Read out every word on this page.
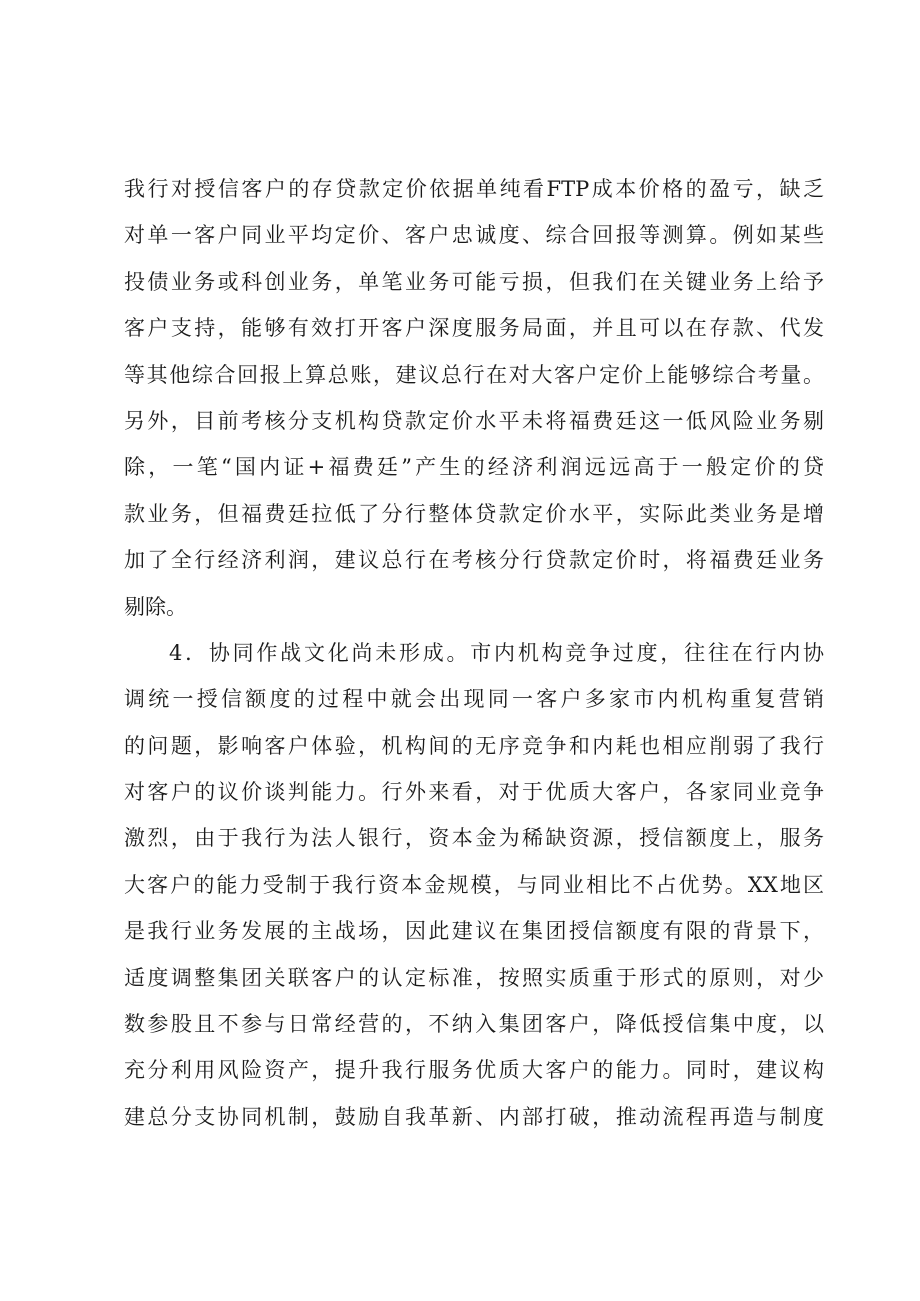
我行对授信客户的存贷款定价依据单纯看FTP成本价格的盈亏，缺乏
对单一客户同业平均定价、客户忠诚度、综合回报等测算。例如某些
投债业务或科创业务，单笔业务可能亏损，但我们在关键业务上给予
客户支持，能够有效打开客户深度服务局面，并且可以在存款、代发
等其他综合回报上算总账，建议总行在对大客户定价上能够综合考量。
另外，目前考核分支机构贷款定价水平未将福费廷这一低风险业务剔
除，一笔“国内证+福费廷”产生的经济利润远远高于一般定价的贷
款业务，但福费廷拉低了分行整体贷款定价水平，实际此类业务是增
加了全行经济利润，建议总行在考核分行贷款定价时，将福费廷业务
剔除。
4．协同作战文化尚未形成。市内机构竞争过度，往往在行内协
调统一授信额度的过程中就会出现同一客户多家市内机构重复营销
的问题，影响客户体验，机构间的无序竞争和内耗也相应削弱了我行
对客户的议价谈判能力。行外来看，对于优质大客户，各家同业竞争
激烈，由于我行为法人银行，资本金为稀缺资源，授信额度上，服务
大客户的能力受制于我行资本金规模，与同业相比不占优势。XX地区
是我行业务发展的主战场，因此建议在集团授信额度有限的背景下，
适度调整集团关联客户的认定标准，按照实质重于形式的原则，对少
数参股且不参与日常经营的，不纳入集团客户，降低授信集中度，以
充分利用风险资产，提升我行服务优质大客户的能力。同时，建议构
建总分支协同机制，鼓励自我革新、内部打破，推动流程再造与制度
